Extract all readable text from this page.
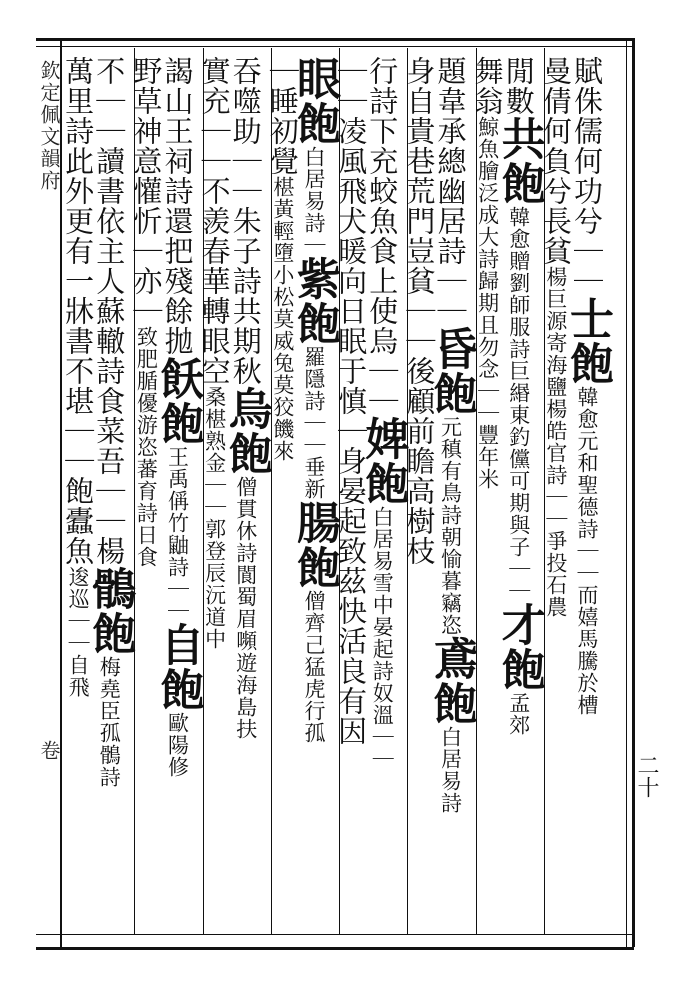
欽定佩文韻府
卷
二十
賦侏儒何功兮｜｜士飽韓愈元和聖德詩｜｜而嬉馬騰於槽
曼倩何負兮長貧楊巨源寄海鹽楊皓官詩｜｜爭投石農
閒數共飽韓愈贈劉師服詩巨緡東釣儻可期與子｜｜才飽孟郊
舞翁鯨魚膾泛成大詩歸期且勿念｜｜豐年米
題韋承總幽居詩｜｜昏飽元稹有鳥詩朝愉暮竊恣鳶飽白居易詩
身自貴巷荒門豈貧｜｜後顧前瞻高樹枝
行詩下充蛟魚食上使烏｜｜婢飽白居易雪中晏起詩奴溫｜｜
｜｜凌風飛犬暖向日眠于慎｜身晏起致茲快活良有因
眼飽白居易詩｜紫飽羅隱詩｜｜垂新腸飽僧齊己猛虎行孤
｜睡初覺椹黃輕墮小松莫威兔莫狡饑來
吞噬助｜｜朱子詩共期秋烏飽僧貫休詩閬蜀眉嚬遊海島扶
實充｜｜不羨春華轉眼空桑椹熟金｜｜郭登辰沅道中
謁山王祠詩還把殘餘拋飫飽王禹偁竹鼬詩｜｜自飽歐陽修
野草神意懽忻｜亦｜致肥腯優游恣蕃育詩日食
不｜｜讀書依主人蘇轍詩食菜吾｜｜楊鶻飽梅堯臣孤鶻詩
萬里詩此外更有一牀書不堪｜｜飽蠹魚逡巡｜｜自飛
